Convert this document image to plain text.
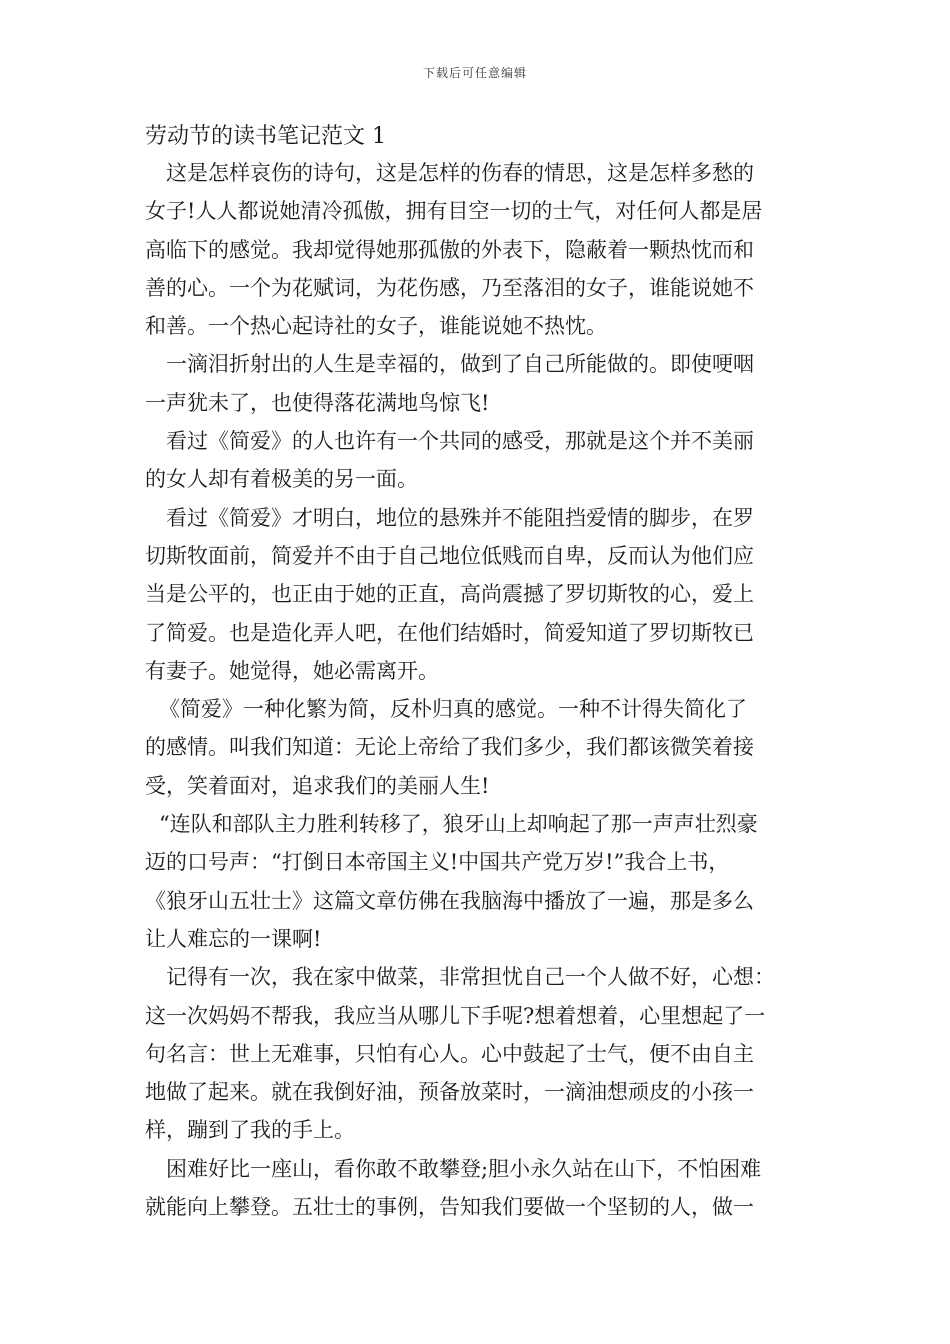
下载后可任意编辑
劳动节的读书笔记范文 1

这是怎样哀伤的诗句，这是怎样的伤春的情思，这是怎样多愁的
女子!人人都说她清冷孤傲，拥有目空一切的士气，对任何人都是居
高临下的感觉。我却觉得她那孤傲的外表下，隐蔽着一颗热忱而和
善的心。一个为花赋词，为花伤感，乃至落泪的女子，谁能说她不
和善。一个热心起诗社的女子，谁能说她不热忱。

一滴泪折射出的人生是幸福的，做到了自己所能做的。即使哽咽
一声犹未了，也使得落花满地鸟惊飞!

看过《简爱》的人也许有一个共同的感受，那就是这个并不美丽
的女人却有着极美的另一面。

看过《简爱》才明白，地位的悬殊并不能阻挡爱情的脚步，在罗
切斯牧面前，简爱并不由于自己地位低贱而自卑，反而认为他们应
当是公平的，也正由于她的正直，高尚震撼了罗切斯牧的心，爱上
了简爱。也是造化弄人吧，在他们结婚时，简爱知道了罗切斯牧已
有妻子。她觉得，她必需离开。

《简爱》一种化繁为简，反朴归真的感觉。一种不计得失简化了
的感情。叫我们知道：无论上帝给了我们多少，我们都该微笑着接
受，笑着面对，追求我们的美丽人生!

“连队和部队主力胜利转移了，狼牙山上却响起了那一声声壮烈豪
迈的口号声：“打倒日本帝国主义!中国共产党万岁!”我合上书，
《狼牙山五壮士》这篇文章仿佛在我脑海中播放了一遍，那是多么
让人难忘的一课啊!

记得有一次，我在家中做菜，非常担忧自己一个人做不好，心想：
这一次妈妈不帮我，我应当从哪儿下手呢?想着想着，心里想起了一
句名言：世上无难事，只怕有心人。心中鼓起了士气，便不由自主
地做了起来。就在我倒好油，预备放菜时，一滴油想顽皮的小孩一
样，蹦到了我的手上。

困难好比一座山，看你敢不敢攀登;胆小永久站在山下，不怕困难
就能向上攀登。五壮士的事例，告知我们要做一个坚韧的人，做一
